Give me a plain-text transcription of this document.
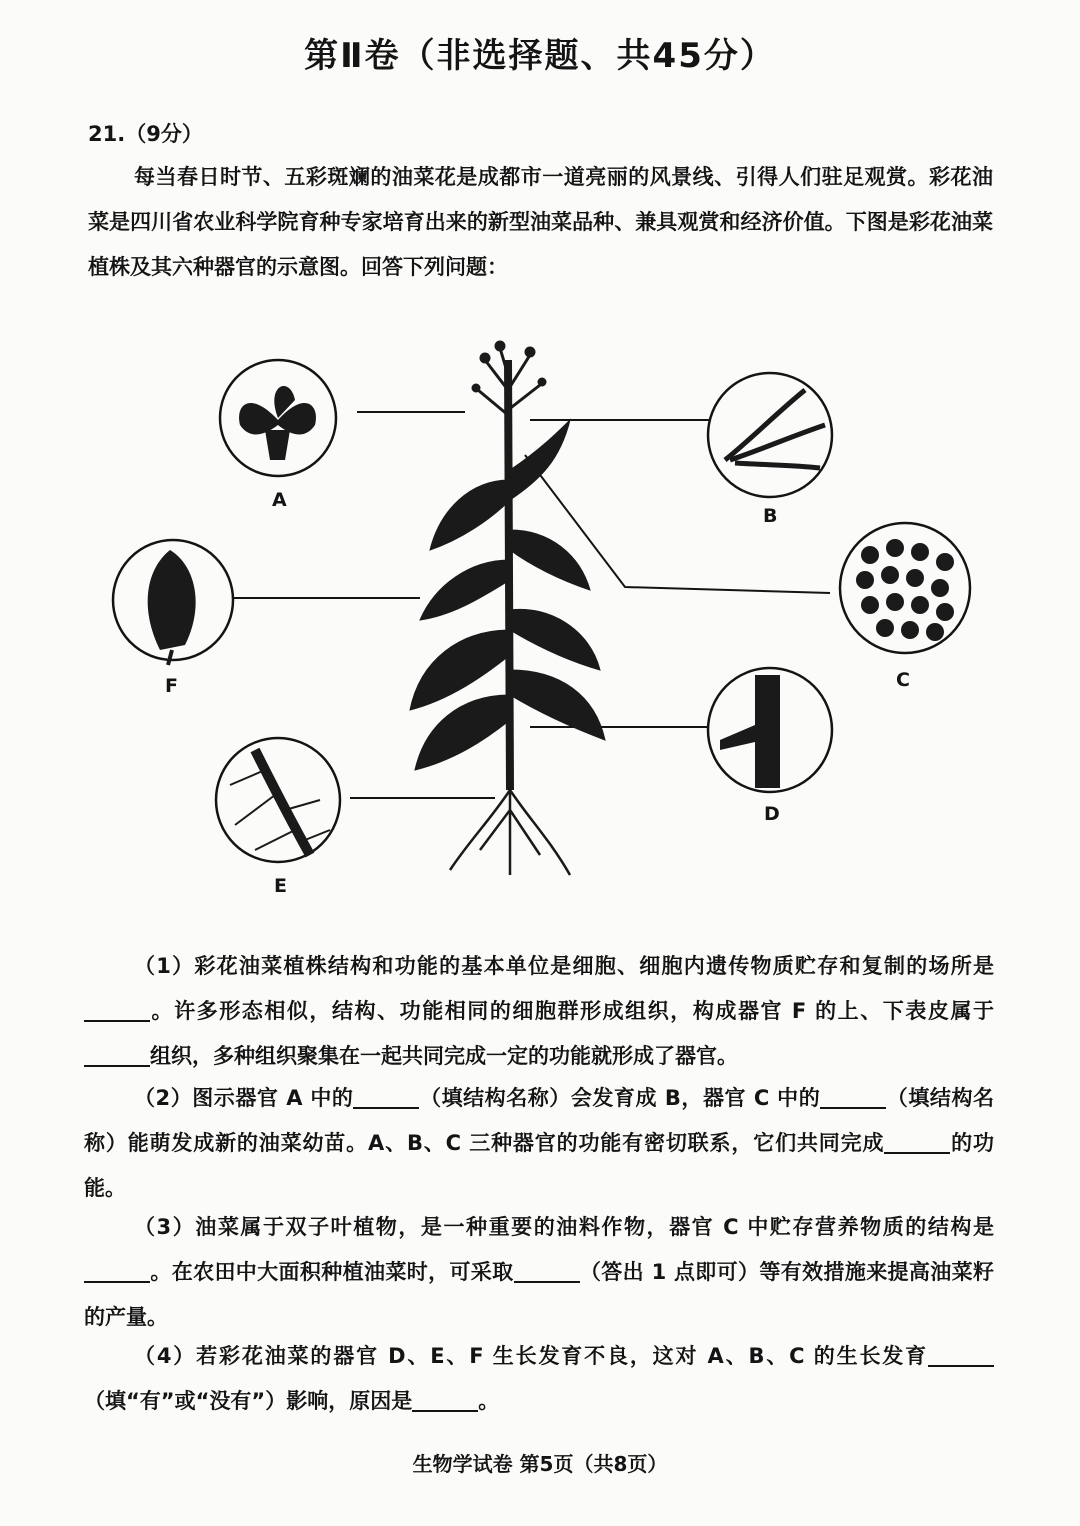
第Ⅱ卷（非选择题、共45分）
21.（9分）
每当春日时节、五彩斑斓的油菜花是成都市一道亮丽的风景线、引得人们驻足观赏。彩花油菜是四川省农业科学院育种专家培育出来的新型油菜品种、兼具观赏和经济价值。下图是彩花油菜植株及其六种器官的示意图。回答下列问题：
A
B
C
F
D
E
（1）彩花油菜植株结构和功能的基本单位是细胞、细胞内遗传物质贮存和复制的场所是。许多形态相似，结构、功能相同的细胞群形成组织，构成器官 F 的上、下表皮属于组织，多种组织聚集在一起共同完成一定的功能就形成了器官。
（2）图示器官 A 中的	（填结构名称）会发育成 B，器官 C 中的	（填结构名称）能萌发成新的油菜幼苗。A、B、C 三种器官的功能有密切联系，它们共同完成	的功能。
（3）油菜属于双子叶植物，是一种重要的油料作物，器官 C 中贮存营养物质的结构是。在农田中大面积种植油菜时，可采取	（答出 1 点即可）等有效措施来提高油菜籽的产量。
（4）若彩花油菜的器官 D、E、F 生长发育不良，这对 A、B、C 的生长发育（填“有”或“没有”）影响，原因是	。
生物学试卷 第5页（共8页）
